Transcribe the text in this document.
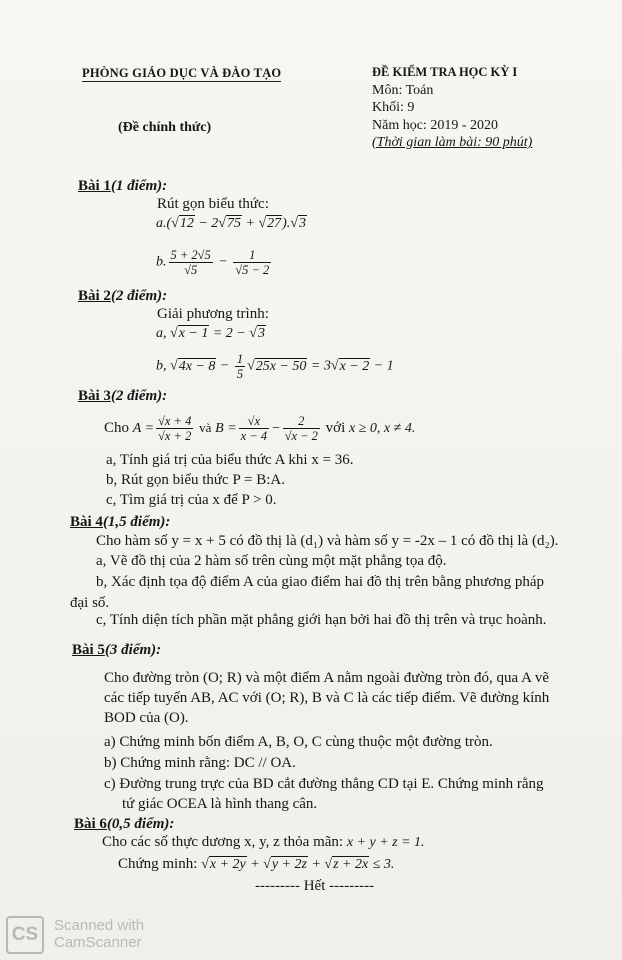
PHÒNG GIÁO DỤC VÀ ĐÀO TẠO
(Đề chính thức)
ĐỀ KIỂM TRA HỌC KỲ I
Môn: Toán
Khối: 9
Năm học: 2019 - 2020
(Thời gian làm bài: 90 phút)
Bài 1(1 điểm):
Rút gọn biểu thức:
a.(√12 − 2√75 + √27).√3
b. $\frac{5 + 2√5}{√5} - \frac{1}{√5 - 2}$
Bài 2(2 điểm):
Giải phương trình:
a, √x − 1 = 2 − √3
b, $√4x - 8 - \frac{1}{5} √25x - 50 = 3√x - 2 - 1$
Bài 3(2 điểm):
Cho $A = \frac{√x + 4}{√x + 2}$ và $B = \frac{√x}{x - 4} - \frac{2}{√x - 2}$ với x ≥ 0, x ≠ 4.
a, Tính giá trị của biểu thức A khi x = 36.
b, Rút gọn biểu thức P = B:A.
c, Tìm giá trị của x để P > 0.
Bài 4(1,5 điểm):
Cho hàm số y = x + 5 có đồ thị là (d₁) và hàm số y = -2x – 1 có đồ thị là (d₂).
a, Vẽ đồ thị của 2 hàm số trên cùng một mặt phẳng tọa độ.
b, Xác định tọa độ điểm A của giao điểm hai đồ thị trên bằng phương pháp
đại số.
c, Tính diện tích phần mặt phẳng giới hạn bởi hai đồ thị trên và trục hoành.
Bài 5(3 điểm):
Cho đường tròn (O; R) và một điểm A nằm ngoài đường tròn đó, qua A vẽ
các tiếp tuyến AB, AC với (O; R), B và C là các tiếp điểm. Vẽ đường kính
BOD của (O).
a) Chứng minh bốn điểm A, B, O, C cùng thuộc một đường tròn.
b) Chứng minh rằng: DC // OA.
c) Đường trung trực của BD cắt đường thẳng CD tại E. Chứng minh rằng
tứ giác OCEA là hình thang cân.
Bài 6(0,5 điểm):
Cho các số thực dương x, y, z thỏa mãn: x + y + z = 1.
Chứng minh: √x + 2y + √y + 2z + √z + 2x ≤ 3.
--------- Hết ---------
CS Scanned with
CamScanner
